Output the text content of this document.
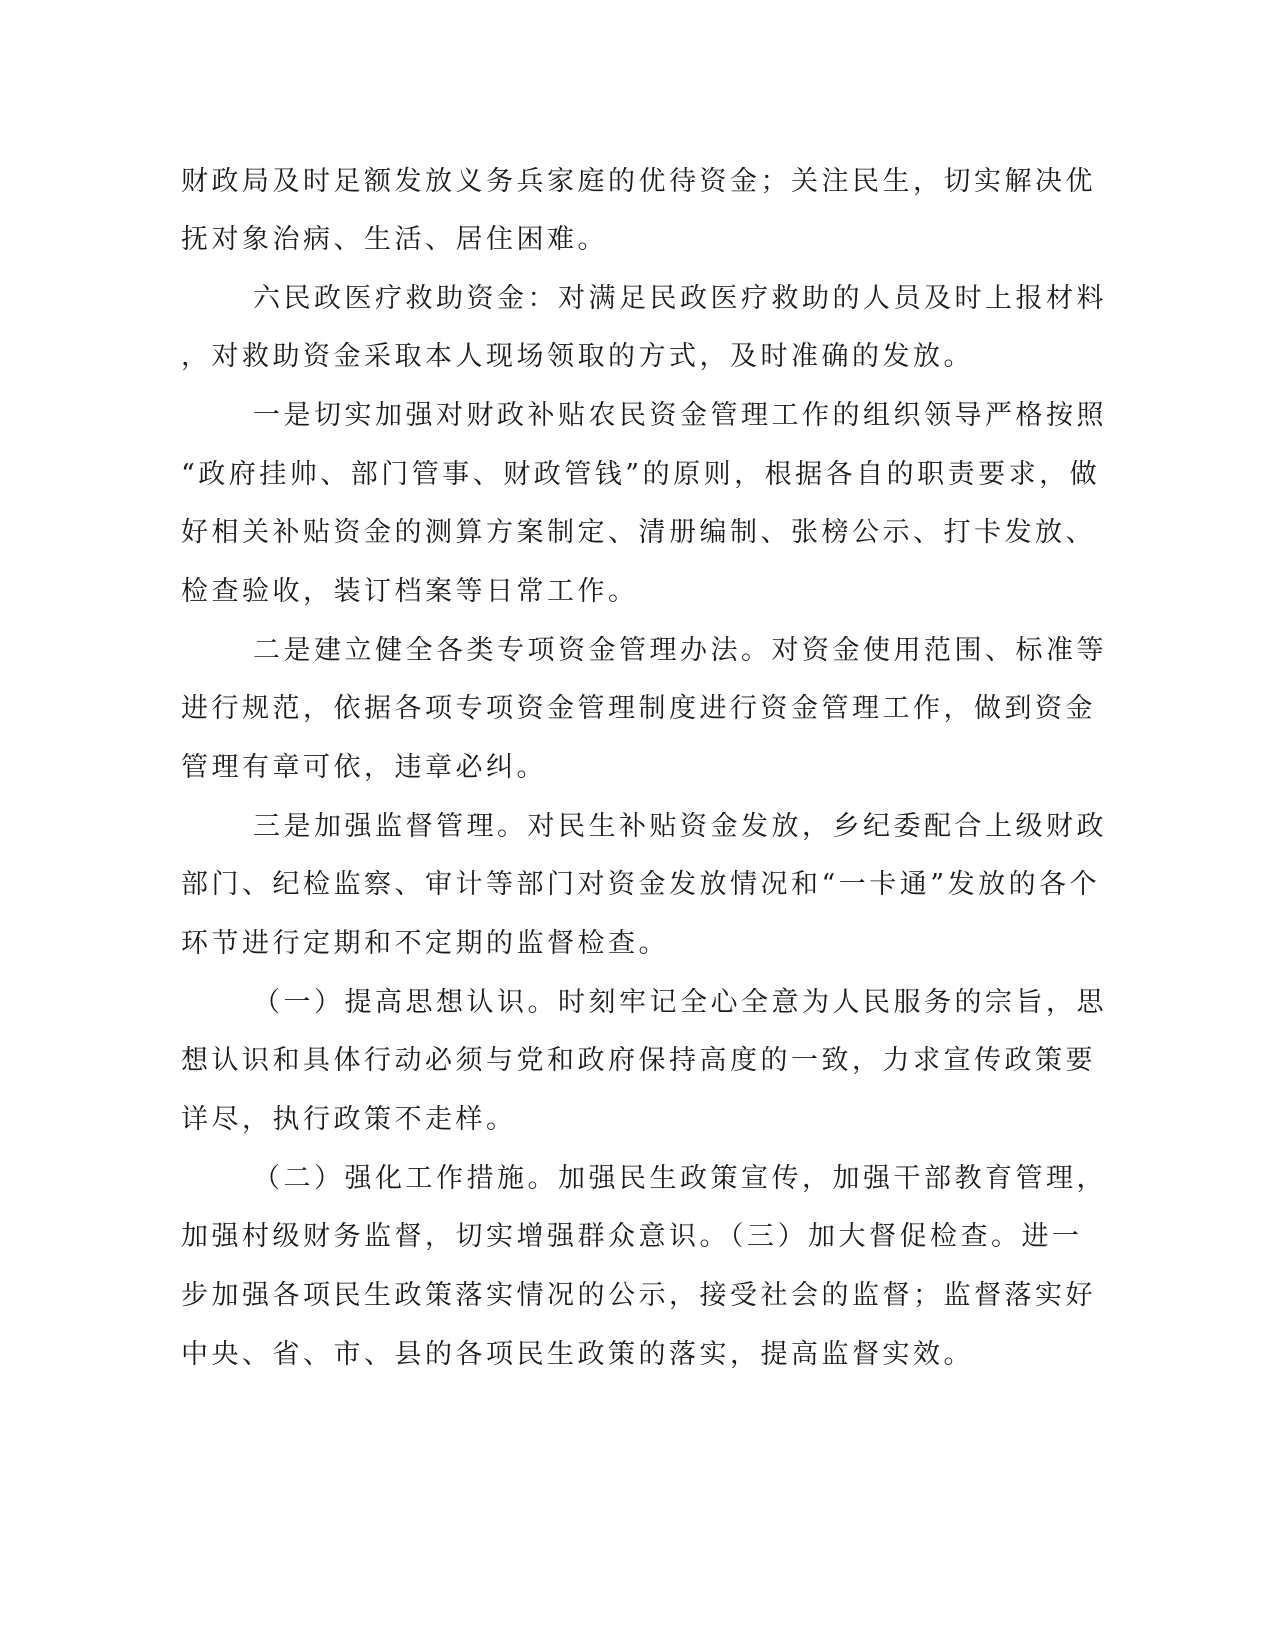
财政局及时足额发放义务兵家庭的优待资金；关注民生，切实解决优
抚对象治病、生活、居住困难。
六民政医疗救助资金：对满足民政医疗救助的人员及时上报材料
，对救助资金采取本人现场领取的方式，及时准确的发放。
一是切实加强对财政补贴农民资金管理工作的组织领导严格按照
“政府挂帅、部门管事、财政管钱”的原则，根据各自的职责要求，做
好相关补贴资金的测算方案制定、清册编制、张榜公示、打卡发放、
检查验收，装订档案等日常工作。
二是建立健全各类专项资金管理办法。对资金使用范围、标准等
进行规范，依据各项专项资金管理制度进行资金管理工作，做到资金
管理有章可依，违章必纠。
三是加强监督管理。对民生补贴资金发放，乡纪委配合上级财政
部门、纪检监察、审计等部门对资金发放情况和“一卡通”发放的各个
环节进行定期和不定期的监督检查。
（一）提高思想认识。时刻牢记全心全意为人民服务的宗旨，思
想认识和具体行动必须与党和政府保持高度的一致，力求宣传政策要
详尽，执行政策不走样。
（二）强化工作措施。加强民生政策宣传，加强干部教育管理，
加强村级财务监督，切实增强群众意识。（三）加大督促检查。进一
步加强各项民生政策落实情况的公示，接受社会的监督；监督落实好
中央、省、市、县的各项民生政策的落实，提高监督实效。
